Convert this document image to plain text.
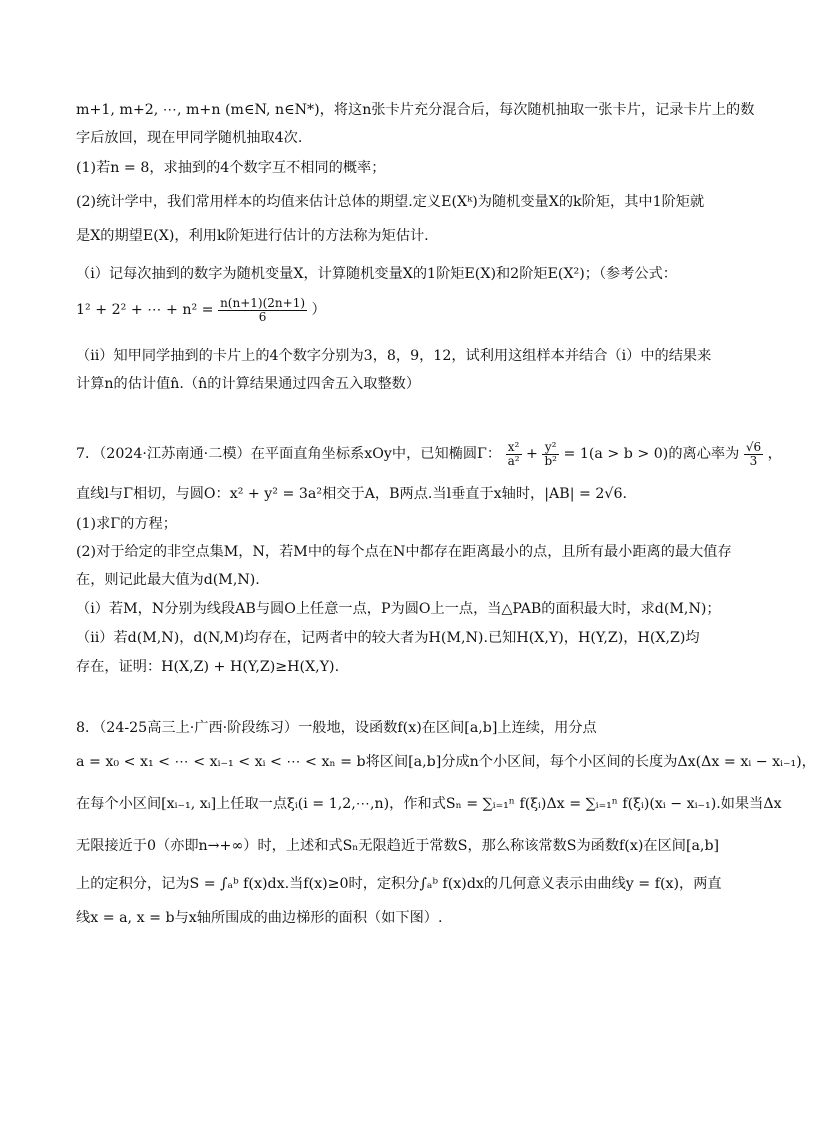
m+1, m+2, ⋯, m+n (m∈N, n∈N*)，将这n张卡片充分混合后，每次随机抽取一张卡片，记录卡片上的数
字后放回，现在甲同学随机抽取4次.
(1)若n = 8，求抽到的4个数字互不相同的概率；
(2)统计学中，我们常用样本的均值来估计总体的期望.定义E(Xᵏ)为随机变量X的k阶矩，其中1阶矩就
是X的期望E(X)，利用k阶矩进行估计的方法称为矩估计.
（ⅰ）记每次抽到的数字为随机变量X，计算随机变量X的1阶矩E(X)和2阶矩E(X²)；（参考公式：
1² + 2² + ⋯ + $n^2 = \frac{n(n+1)(2n+1)}{6}$ ）
（ⅱ）知甲同学抽到的卡片上的4个数字分别为3，8，9，12，试利用这组样本并结合（ⅰ）中的结果来
计算n的估计值n̂.（n̂的计算结果通过四舍五入取整数）
7．（2024·江苏南通·二模）在平面直角坐标系xOy中，已知椭圆Γ： $\frac{\text{x²}}{\text{a²}} + \frac{\text{y²}}{\text{b²}} = 1(a > b > 0)$的离心率为 $\frac{√6}{3}$ ，
直线l与Γ相切，与圆O：x² + y² = 3a²相交于A，B两点.当l垂直于x轴时，|AB| = 2√6.
(1)求Γ的方程；
(2)对于给定的非空点集M，N，若M中的每个点在N中都存在距离最小的点，且所有最小距离的最大值存
在，则记此最大值为d(M,N).
（ⅰ）若M，N分别为线段AB与圆O上任意一点，P为圆O上一点，当△PAB的面积最大时，求d(M,N)；
（ⅱ）若d(M,N)，d(N,M)均存在，记两者中的较大者为H(M,N).已知H(X,Y)，H(Y,Z)，H(X,Z)均
存在，证明：H(X,Z) + H(Y,Z)≥H(X,Y).
8．（24-25高三上·广西·阶段练习）一般地，设函数f(x)在区间[a,b]上连续，用分点
a = x₀ < x₁ < ⋯ < xᵢ₋₁ < xᵢ < ⋯ < xₙ = b将区间[a,b]分成n个小区间，每个小区间的长度为Δx(Δx = xᵢ − xᵢ₋₁)，
在每个小区间[xᵢ₋₁, xᵢ]上任取一点ξᵢ(i = 1,2,⋯,n)，作和式Sₙ = ∑ᵢ₌₁ⁿ f(ξᵢ)Δx = ∑ᵢ₌₁ⁿ f(ξᵢ)(xᵢ − xᵢ₋₁).如果当Δx
无限接近于0（亦即n→+∞）时，上述和式Sₙ无限趋近于常数S，那么称该常数S为函数f(x)在区间[a,b]
上的定积分，记为S = ∫ₐᵇ f(x)dx.当f(x)≥0时，定积分∫ₐᵇ f(x)dx的几何意义表示由曲线y = f(x)，两直
线x = a, x = b与x轴所围成的曲边梯形的面积（如下图）.
